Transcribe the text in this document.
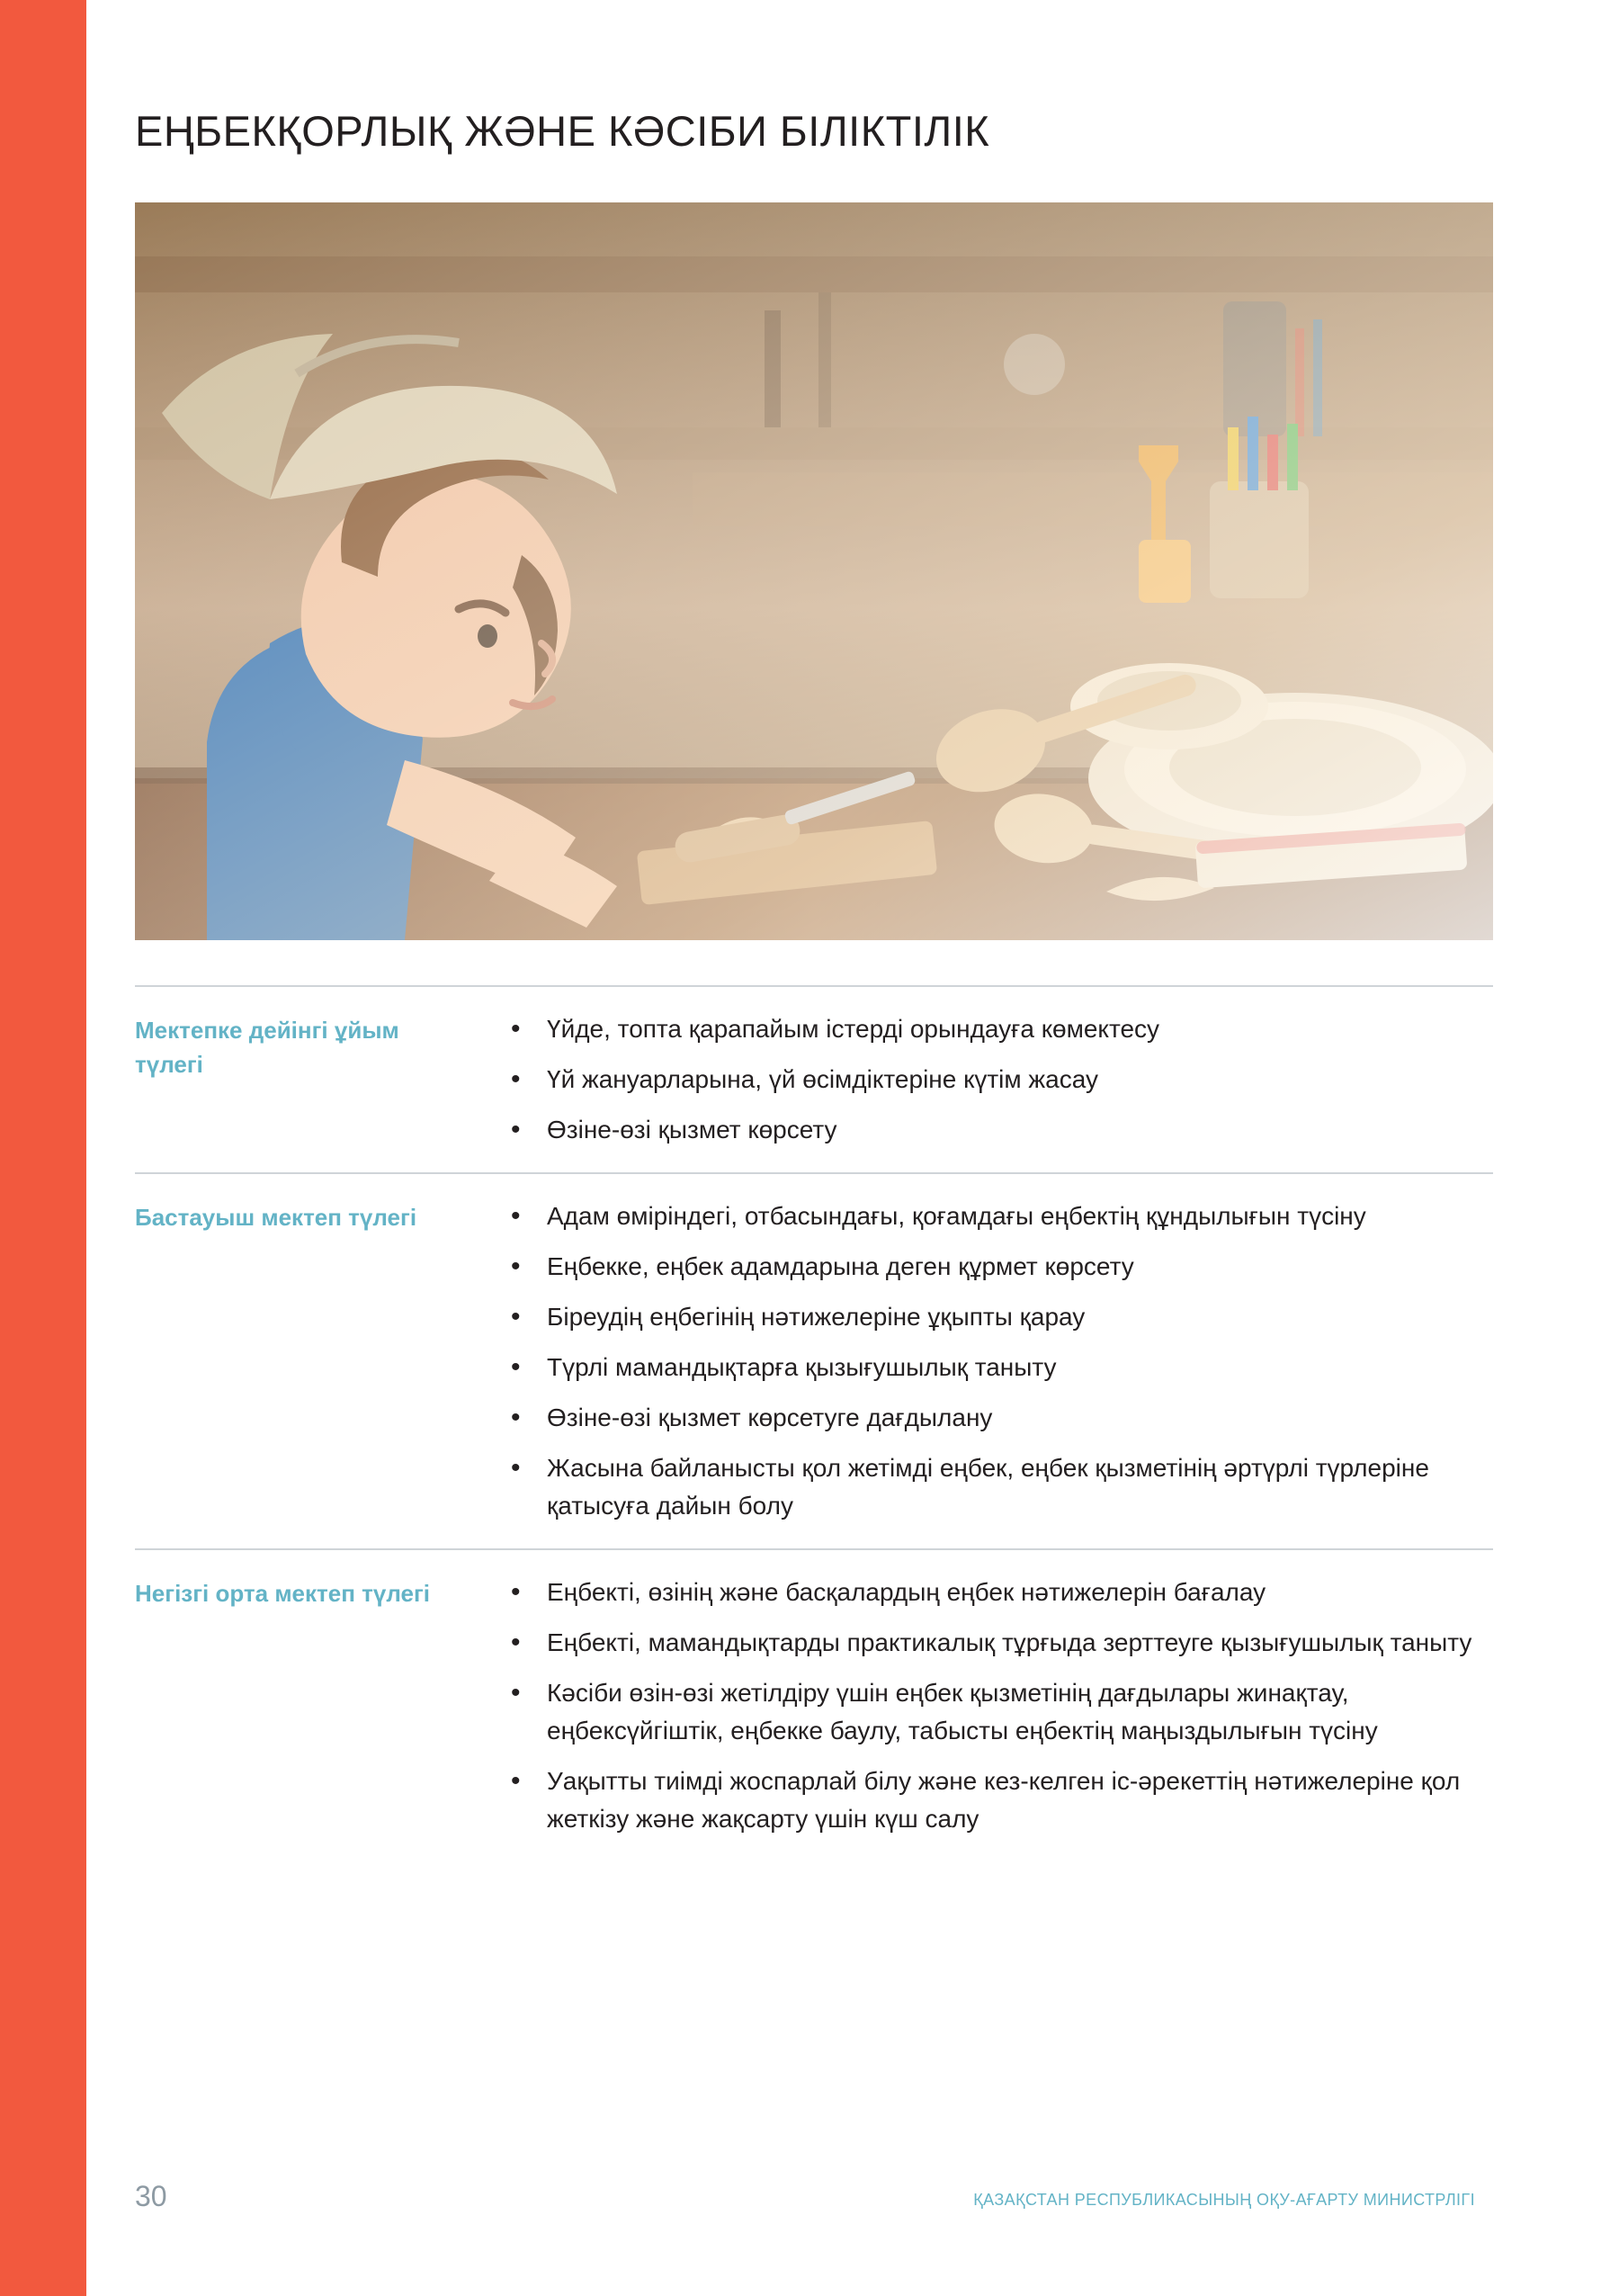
ЕҢБЕКҚОРЛЫҚ ЖӘНЕ КӘСІБИ БІЛІКТІЛІК
Мектепке дейінгі ұйым түлегі
• Үйде, топта қарапайым істерді орындауға көмектесу
• Үй жануарларына, үй өсімдіктеріне күтім жасау
• Өзіне-өзі қызмет көрсету
Бастауыш мектеп түлегі	• Адам өміріндегі, отбасындағы, қоғамдағы еңбектің құндылығын түсіну
• Еңбекке, еңбек адамдарына деген құрмет көрсету
• Біреудің еңбегінің нәтижелеріне ұқыпты қарау
• Түрлі мамандықтарға қызығушылық таныту
• Өзіне-өзі қызмет көрсетуге дағдылану
• Жасына байланысты қол жетімді еңбек, еңбек қызметінің әртүрлі түрлеріне қатысуға дайын болу
Негізгі орта мектеп түлегі	• Еңбекті, өзінің және басқалардың еңбек нәтижелерін бағалау
• Еңбекті, мамандықтарды практикалық тұрғыда зерттеуге қызығушылық таныту
• Кәсіби өзін-өзі жетілдіру үшін еңбек қызметінің дағдылары жинақтау, еңбексүйгіштік, еңбекке баулу, табысты еңбектің маңыздылығын түсіну
• Уақытты тиімді жоспарлай білу және кез-келген іс-әрекеттің нәтижелеріне қол жеткізу және жақсарту үшін күш салу
30	ҚАЗАҚСТАН РЕСПУБЛИКАСЫНЫҢ ОҚУ-АҒАРТУ МИНИСТРЛІГІ
